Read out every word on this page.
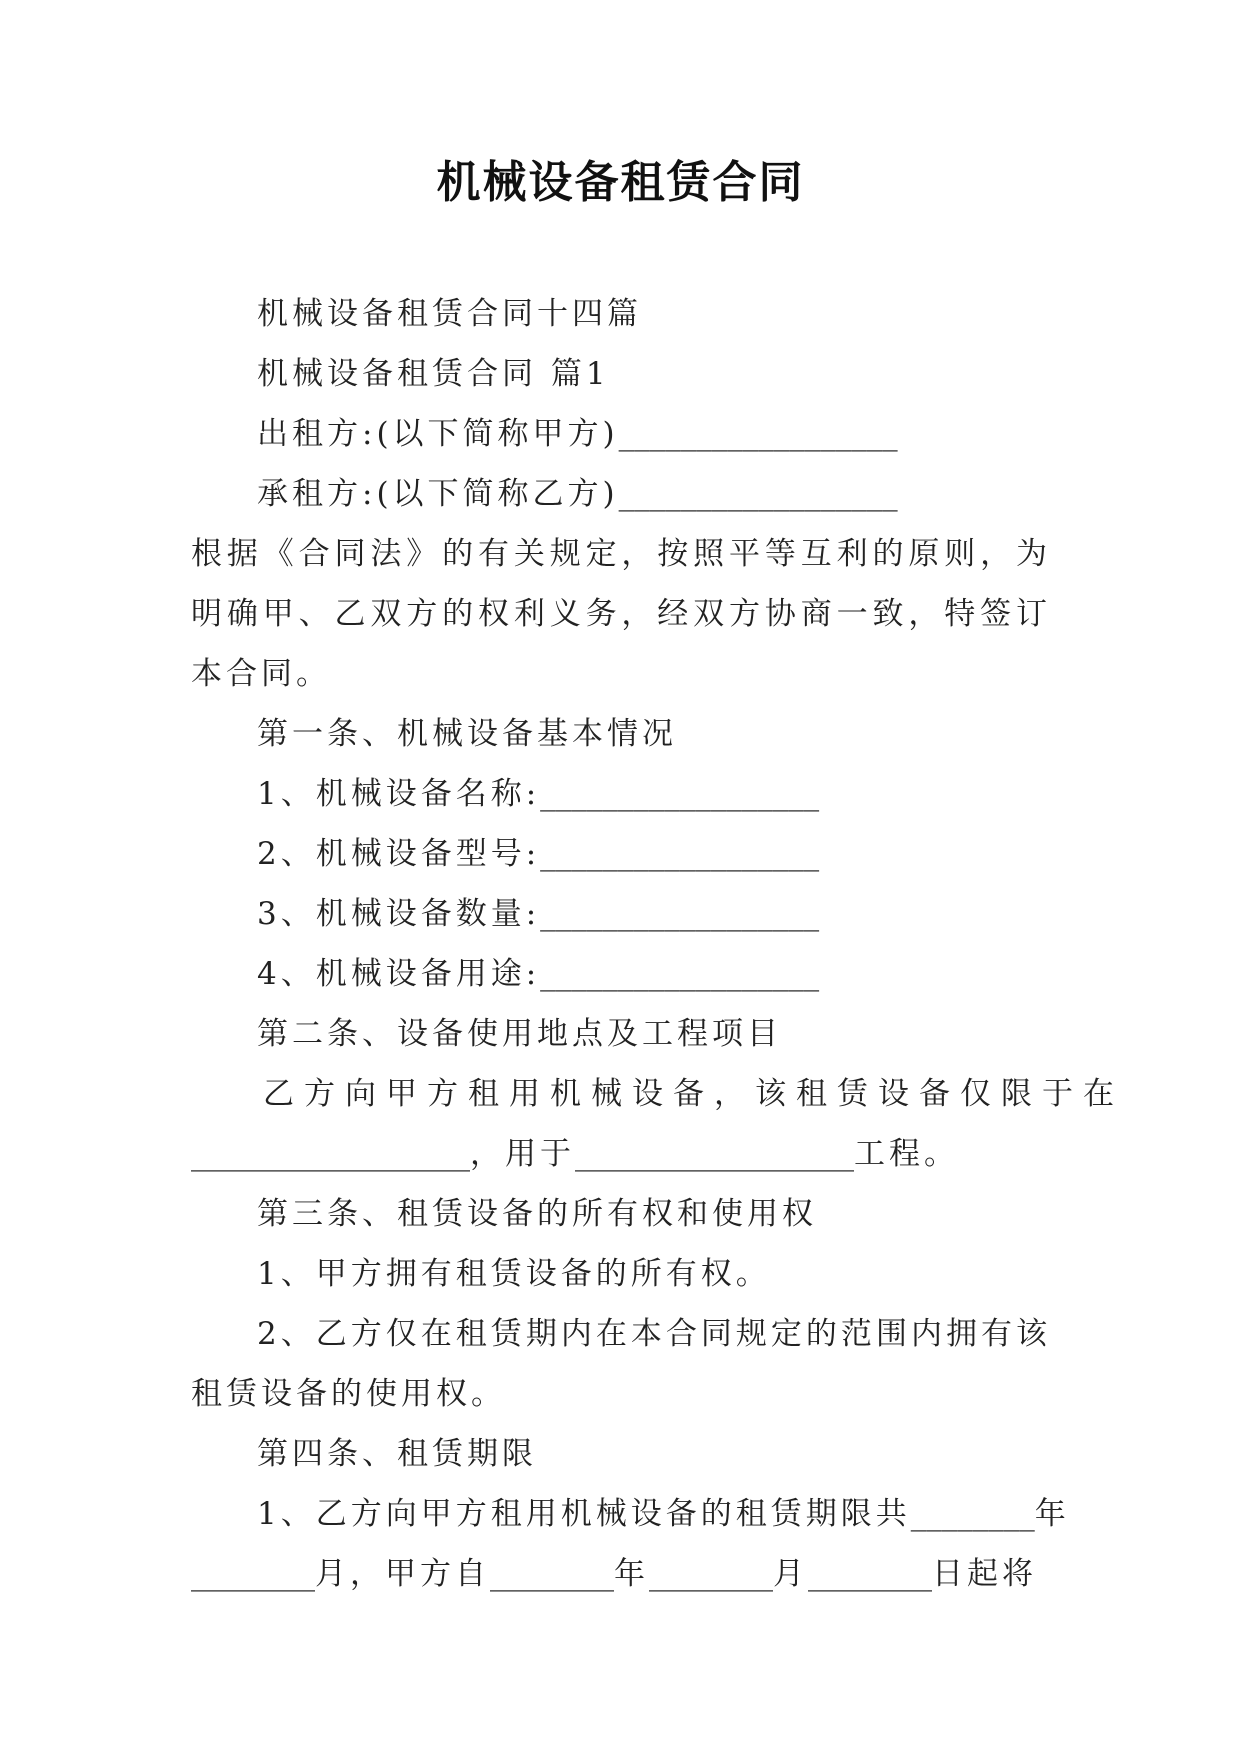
机械设备租赁合同

机械设备租赁合同十四篇

机械设备租赁合同 篇1

出租方:(以下简称甲方)__________________

承租方:(以下简称乙方)__________________

根据《合同法》的有关规定，按照平等互利的原则，为明确甲、乙双方的权利义务，经双方协商一致，特签订本合同。

第一条、机械设备基本情况

1、机械设备名称:__________________

2、机械设备型号:__________________

3、机械设备数量:__________________

4、机械设备用途:__________________

第二条、设备使用地点及工程项目

乙方向甲方租用机械设备，该租赁设备仅限于在

__________________，用于__________________工程。

第三条、租赁设备的所有权和使用权

1、甲方拥有租赁设备的所有权。

2、乙方仅在租赁期内在本合同规定的范围内拥有该租赁设备的使用权。

第四条、租赁期限

1、乙方向甲方租用机械设备的租赁期限共________年

________月，甲方自________年________月________日起将
